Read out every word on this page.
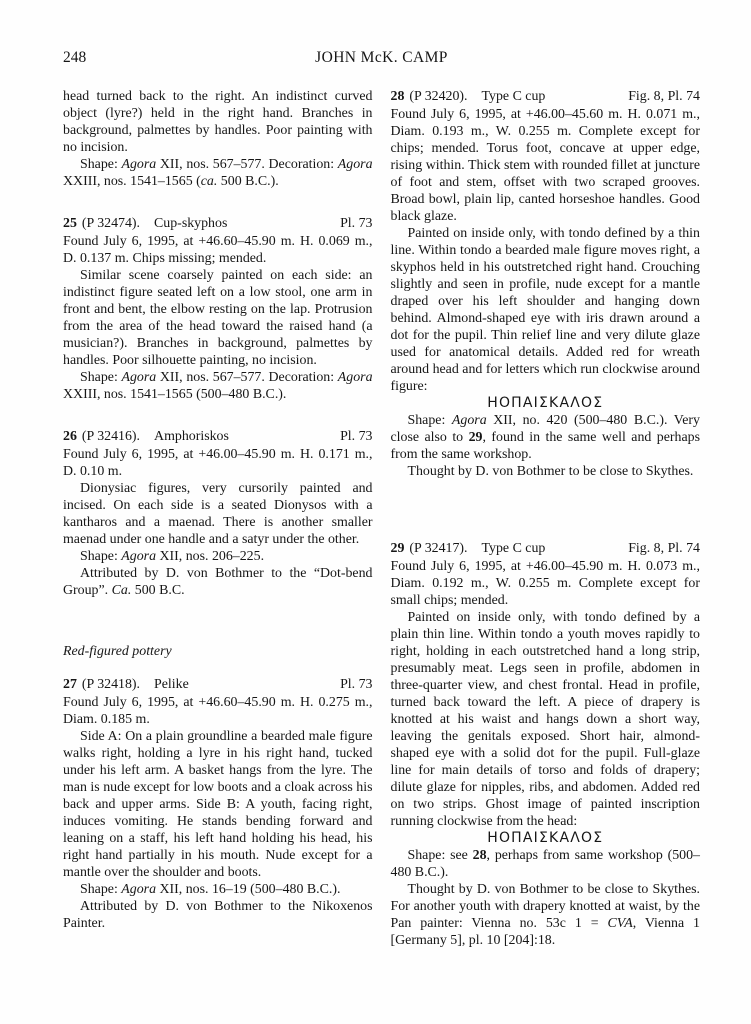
248	JOHN McK. CAMP

head turned back to the right. An indistinct curved object (lyre?) held in the right hand. Branches in background, palmettes by handles. Poor painting with no incision.

Shape: Agora XII, nos. 567–577. Decoration: Agora XXIII, nos. 1541–1565 (ca. 500 B.C.).

25 (P 32474). Cup-skyphos	Pl. 73

Found July 6, 1995, at +46.60–45.90 m. H. 0.069 m., D. 0.137 m. Chips missing; mended.

Similar scene coarsely painted on each side: an indistinct figure seated left on a low stool, one arm in front and bent, the elbow resting on the lap. Protrusion from the area of the head toward the raised hand (a musician?). Branches in background, palmettes by handles. Poor silhouette painting, no incision.

Shape: Agora XII, nos. 567–577. Decoration: Agora XXIII, nos. 1541–1565 (500–480 B.C.).

26 (P 32416). Amphoriskos	Pl. 73

Found July 6, 1995, at +46.00–45.90 m. H. 0.171 m., D. 0.10 m.

Dionysiac figures, very cursorily painted and incised. On each side is a seated Dionysos with a kantharos and a maenad. There is another smaller maenad under one handle and a satyr under the other.

Shape: Agora XII, nos. 206–225.

Attributed by D. von Bothmer to the “Dot-bend Group”. Ca. 500 B.C.

Red-figured pottery
27 (P 32418). Pelike	Pl. 73

Found July 6, 1995, at +46.60–45.90 m. H. 0.275 m., Diam. 0.185 m.

Side A: On a plain groundline a bearded male figure walks right, holding a lyre in his right hand, tucked under his left arm. A basket hangs from the lyre. The man is nude except for low boots and a cloak across his back and upper arms. Side B: A youth, facing right, induces vomiting. He stands bending forward and leaning on a staff, his left hand holding his head, his right hand partially in his mouth. Nude except for a mantle over the shoulder and boots.

Shape: Agora XII, nos. 16–19 (500–480 B.C.).

Attributed by D. von Bothmer to the Nikoxenos Painter.

28 (P 32420). Type C cup	Fig. 8, Pl. 74

Found July 6, 1995, at +46.00–45.60 m. H. 0.071 m., Diam. 0.193 m., W. 0.255 m. Complete except for chips; mended. Torus foot, concave at upper edge, rising within. Thick stem with rounded fillet at juncture of foot and stem, offset with two scraped grooves. Broad bowl, plain lip, canted horseshoe handles. Good black glaze.

Painted on inside only, with tondo defined by a thin line. Within tondo a bearded male figure moves right, a skyphos held in his outstretched right hand. Crouching slightly and seen in profile, nude except for a mantle draped over his left shoulder and hanging down behind. Almond-shaped eye with iris drawn around a dot for the pupil. Thin relief line and very dilute glaze used for anatomical details. Added red for wreath around head and for letters which run clockwise around figure:

ΗΟΠΑΙΣΚΑΛΟΣ

Shape: Agora XII, no. 420 (500–480 B.C.). Very close also to 29, found in the same well and perhaps from the same workshop.

Thought by D. von Bothmer to be close to Skythes.

29 (P 32417). Type C cup	Fig. 8, Pl. 74

Found July 6, 1995, at +46.00–45.90 m. H. 0.073 m., Diam. 0.192 m., W. 0.255 m. Complete except for small chips; mended.

Painted on inside only, with tondo defined by a plain thin line. Within tondo a youth moves rapidly to right, holding in each outstretched hand a long strip, presumably meat. Legs seen in profile, abdomen in three-quarter view, and chest frontal. Head in profile, turned back toward the left. A piece of drapery is knotted at his waist and hangs down a short way, leaving the genitals exposed. Short hair, almond-shaped eye with a solid dot for the pupil. Full-glaze line for main details of torso and folds of drapery; dilute glaze for nipples, ribs, and abdomen. Added red on two strips. Ghost image of painted inscription running clockwise from the head:

ΗΟΠΑΙΣΚΑΛΟΣ

Shape: see 28, perhaps from same workshop (500–480 B.C.).

Thought by D. von Bothmer to be close to Skythes. For another youth with drapery knotted at waist, by the Pan painter: Vienna no. 53c 1 = CVA, Vienna 1 [Germany 5], pl. 10 [204]:18.
